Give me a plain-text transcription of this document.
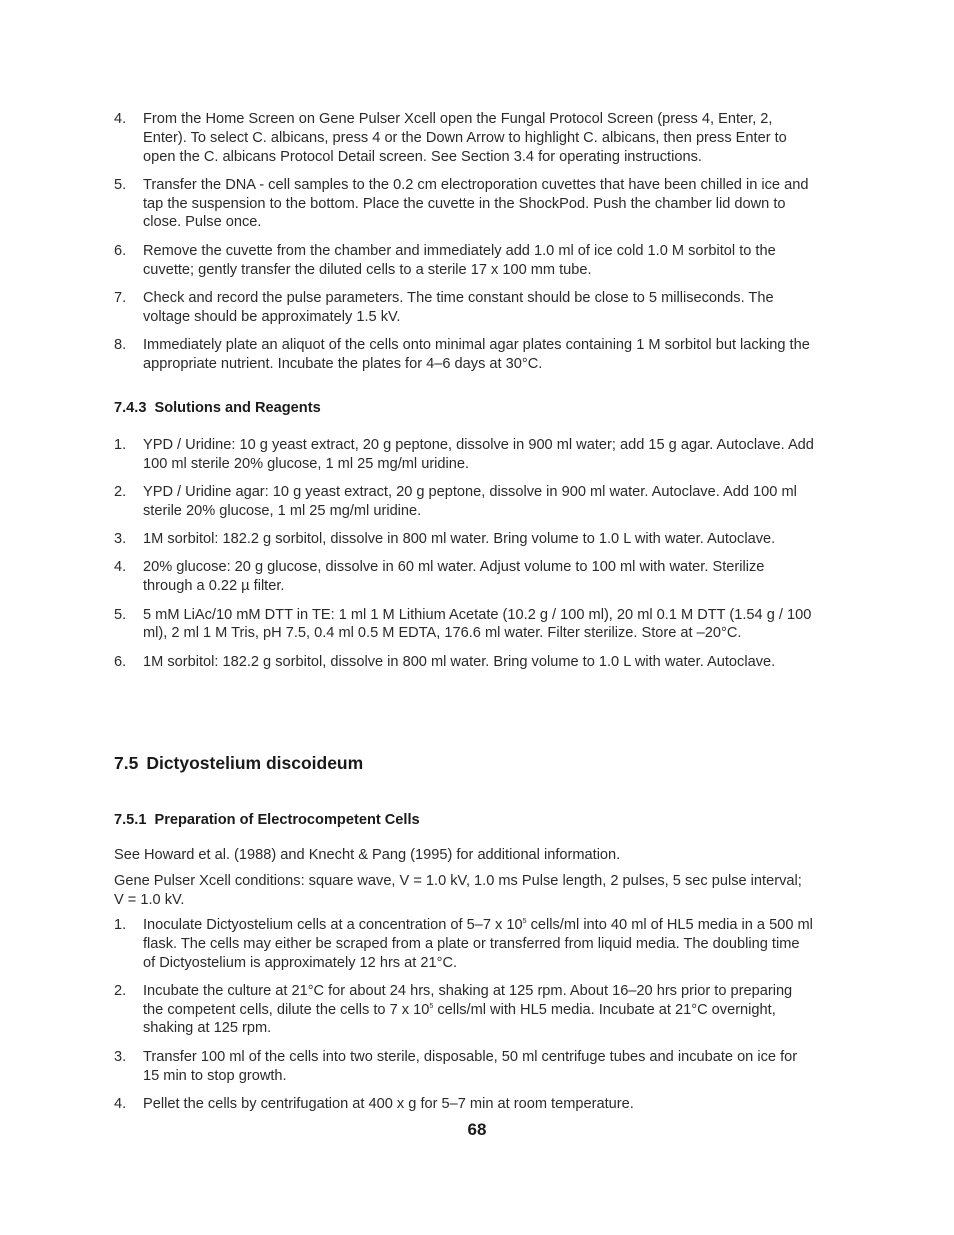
4. From the Home Screen on Gene Pulser Xcell open the Fungal Protocol Screen (press 4, Enter, 2, Enter). To select C. albicans, press 4 or the Down Arrow to highlight C. albicans, then press Enter to open the C. albicans Protocol Detail screen. See Section 3.4 for operating instructions.
5. Transfer the DNA - cell samples to the 0.2 cm electroporation cuvettes that have been chilled in ice and tap the suspension to the bottom. Place the cuvette in the ShockPod. Push the chamber lid down to close. Pulse once.
6. Remove the cuvette from the chamber and immediately add 1.0 ml of ice cold 1.0 M sorbitol to the cuvette; gently transfer the diluted cells to a sterile 17 x 100 mm tube.
7. Check and record the pulse parameters. The time constant should be close to 5 milliseconds. The voltage should be approximately 1.5 kV.
8. Immediately plate an aliquot of the cells onto minimal agar plates containing 1 M sorbitol but lacking the appropriate nutrient. Incubate the plates for 4–6 days at 30°C.
7.4.3 Solutions and Reagents
1. YPD / Uridine: 10 g yeast extract, 20 g peptone, dissolve in 900 ml water; add 15 g agar. Autoclave. Add 100 ml sterile 20% glucose, 1 ml 25 mg/ml uridine.
2. YPD / Uridine agar: 10 g yeast extract, 20 g peptone, dissolve in 900 ml water. Autoclave. Add 100 ml sterile 20% glucose, 1 ml 25 mg/ml uridine.
3. 1M sorbitol: 182.2 g sorbitol, dissolve in 800 ml water. Bring volume to 1.0 L with water. Autoclave.
4. 20% glucose: 20 g glucose, dissolve in 60 ml water. Adjust volume to 100 ml with water. Sterilize through a 0.22 µ filter.
5. 5 mM LiAc/10 mM DTT in TE: 1 ml 1 M Lithium Acetate (10.2 g / 100 ml), 20 ml 0.1 M DTT (1.54 g / 100 ml), 2 ml 1 M Tris, pH 7.5, 0.4 ml 0.5 M EDTA, 176.6 ml water. Filter sterilize. Store at –20°C.
6. 1M sorbitol: 182.2 g sorbitol, dissolve in 800 ml water. Bring volume to 1.0 L with water. Autoclave.
7.5 Dictyostelium discoideum
7.5.1 Preparation of Electrocompetent Cells

See Howard et al. (1988) and Knecht & Pang (1995) for additional information.

Gene Pulser Xcell conditions: square wave, V = 1.0 kV, 1.0 ms Pulse length, 2 pulses, 5 sec pulse interval; V = 1.0 kV.

1. Inoculate Dictyostelium cells at a concentration of 5–7 x $10^5$ cells/ml into 40 ml of HL5 media in a 500 ml flask. The cells may either be scraped from a plate or transferred from liquid media. The doubling time of Dictyostelium is approximately 12 hrs at 21°C.
2. Incubate the culture at 21°C for about 24 hrs, shaking at 125 rpm. About 16–20 hrs prior to preparing the competent cells, dilute the cells to 7 x $10^5$ cells/ml with HL5 media. Incubate at 21°C overnight, shaking at 125 rpm.
3. Transfer 100 ml of the cells into two sterile, disposable, 50 ml centrifuge tubes and incubate on ice for 15 min to stop growth.
4. Pellet the cells by centrifugation at 400 x g for 5–7 min at room temperature.
68
